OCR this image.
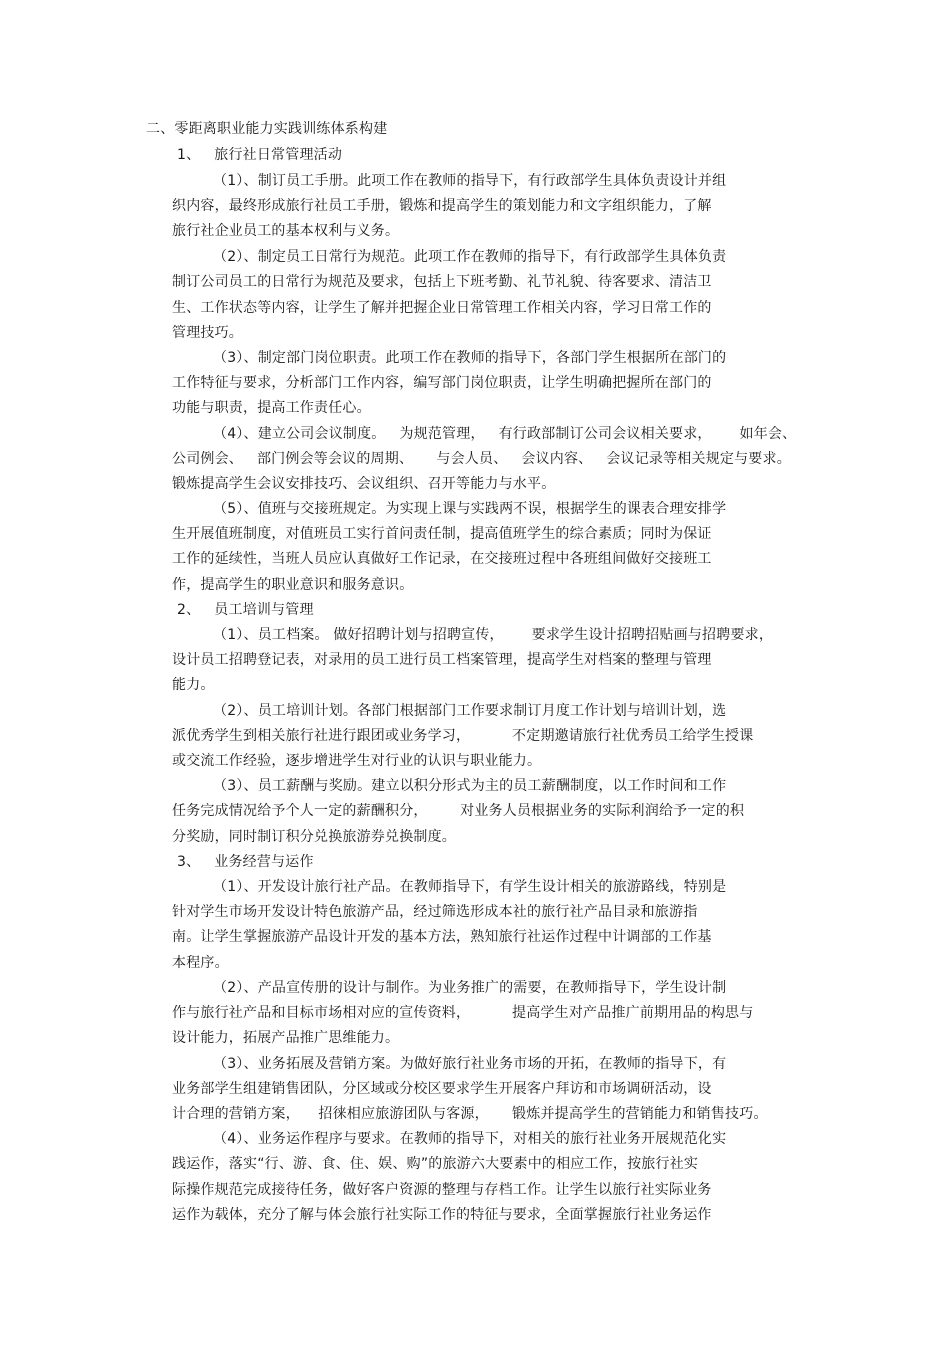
二、零距离职业能力实践训练体系构建
1、   旅行社日常管理活动
（1）、制订员工手册。此项工作在教师的指导下，有行政部学生具体负责设计并组
织内容，最终形成旅行社员工手册，锻炼和提高学生的策划能力和文字组织能力，了解
旅行社企业员工的基本权利与义务。
（2）、制定员工日常行为规范。此项工作在教师的指导下，有行政部学生具体负责
制订公司员工的日常行为规范及要求，包括上下班考勤、礼节礼貌、待客要求、清洁卫
生、工作状态等内容，让学生了解并把握企业日常管理工作相关内容，学习日常工作的
管理技巧。
（3）、制定部门岗位职责。此项工作在教师的指导下，各部门学生根据所在部门的
工作特征与要求，分析部门工作内容，编写部门岗位职责，让学生明确把握所在部门的
功能与职责，提高工作责任心。
（4）、建立公司会议制度。   为规范管理，   有行政部制订公司会议相关要求，      如年会、
公司例会、   部门例会等会议的周期、     与会人员、   会议内容、   会议记录等相关规定与要求。
锻炼提高学生会议安排技巧、会议组织、召开等能力与水平。
（5）、值班与交接班规定。为实现上课与实践两不误，根据学生的课表合理安排学
生开展值班制度，对值班员工实行首问责任制，提高值班学生的综合素质；同时为保证
工作的延续性，当班人员应认真做好工作记录，在交接班过程中各班组间做好交接班工
作，提高学生的职业意识和服务意识。
2、   员工培训与管理
（1）、员工档案。 做好招聘计划与招聘宣传，      要求学生设计招聘招贴画与招聘要求，
设计员工招聘登记表，对录用的员工进行员工档案管理，提高学生对档案的整理与管理
能力。
（2）、员工培训计划。各部门根据部门工作要求制订月度工作计划与培训计划，选
派优秀学生到相关旅行社进行跟团或业务学习，         不定期邀请旅行社优秀员工给学生授课
或交流工作经验，逐步增进学生对行业的认识与职业能力。
（3）、员工薪酬与奖励。建立以积分形式为主的员工薪酬制度，以工作时间和工作
任务完成情况给予个人一定的薪酬积分，       对业务人员根据业务的实际利润给予一定的积
分奖励，同时制订积分兑换旅游券兑换制度。
3、   业务经营与运作
（1）、开发设计旅行社产品。在教师指导下，有学生设计相关的旅游路线，特别是
针对学生市场开发设计特色旅游产品，经过筛选形成本社的旅行社产品目录和旅游指
南。让学生掌握旅游产品设计开发的基本方法，熟知旅行社运作过程中计调部的工作基
本程序。
（2）、产品宣传册的设计与制作。为业务推广的需要，在教师指导下，学生设计制
作与旅行社产品和目标市场相对应的宣传资料，         提高学生对产品推广前期用品的构思与
设计能力，拓展产品推广思维能力。
（3）、业务拓展及营销方案。为做好旅行社业务市场的开拓，在教师的指导下，有
业务部学生组建销售团队，分区域或分校区要求学生开展客户拜访和市场调研活动，设
计合理的营销方案，    招徕相应旅游团队与客源，     锻炼并提高学生的营销能力和销售技巧。
（4）、业务运作程序与要求。在教师的指导下，对相关的旅行社业务开展规范化实
践运作，落实“行、游、食、住、娱、购”的旅游六大要素中的相应工作，按旅行社实
际操作规范完成接待任务，做好客户资源的整理与存档工作。让学生以旅行社实际业务
运作为载体，充分了解与体会旅行社实际工作的特征与要求，全面掌握旅行社业务运作
